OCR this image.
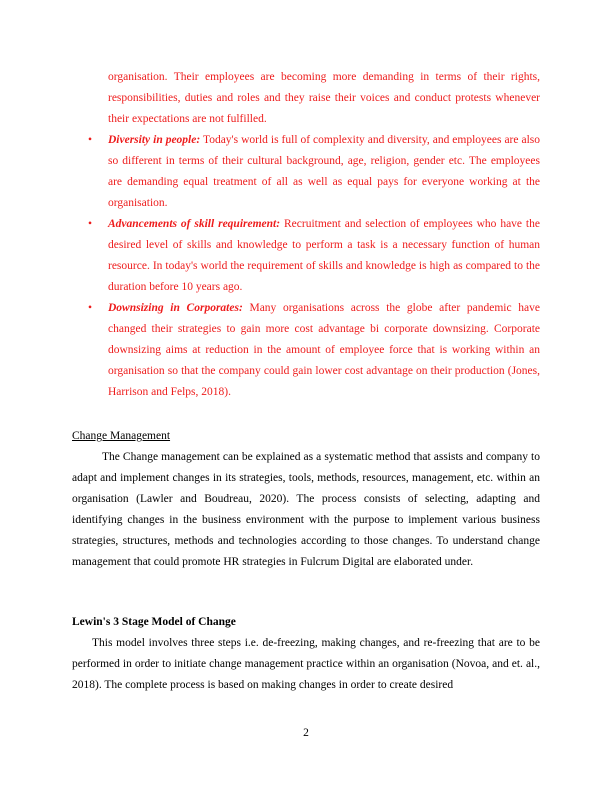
organisation. Their employees are becoming more demanding in terms of their rights, responsibilities, duties and roles and they raise their voices and conduct protests whenever their expectations are not fulfilled.

• Diversity in people: Today's world is full of complexity and diversity, and employees are also so different in terms of their cultural background, age, religion, gender etc. The employees are demanding equal treatment of all as well as equal pays for everyone working at the organisation.
• Advancements of skill requirement: Recruitment and selection of employees who have the desired level of skills and knowledge to perform a task is a necessary function of human resource. In today's world the requirement of skills and knowledge is high as compared to the duration before 10 years ago.
• Downsizing in Corporates: Many organisations across the globe after pandemic have changed their strategies to gain more cost advantage bi corporate downsizing. Corporate downsizing aims at reduction in the amount of employee force that is working within an organisation so that the company could gain lower cost advantage on their production (Jones, Harrison and Felps, 2018).
Change Management

The Change management can be explained as a systematic method that assists and company to adapt and implement changes in its strategies, tools, methods, resources, management, etc. within an organisation (Lawler and Boudreau, 2020). The process consists of selecting, adapting and identifying changes in the business environment with the purpose to implement various business strategies, structures, methods and technologies according to those changes. To understand change management that could promote HR strategies in Fulcrum Digital are elaborated under.

Lewin's 3 Stage Model of Change

This model involves three steps i.e. de-freezing, making changes, and re-freezing that are to be performed in order to initiate change management practice within an organisation (Novoa, and et. al., 2018). The complete process is based on making changes in order to create desired

2
